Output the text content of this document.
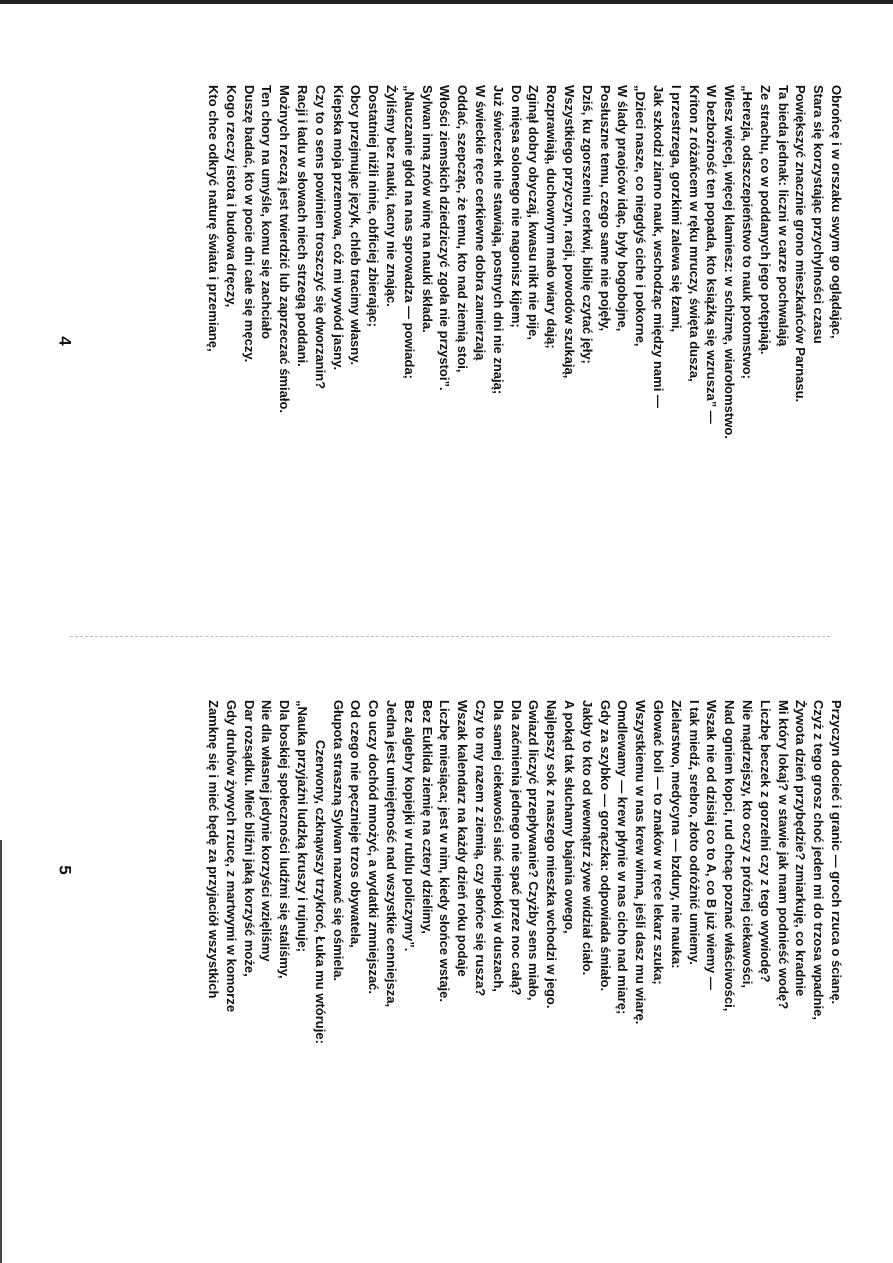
Obrońcę i w orszaku swym go oglądając,
Stara się korzystając przychylności czasu
Powiększyć znacznie grono mieszkańców Parnasu.
Ta bieda jednak: liczni w carze pochwalają
Ze strachu, co w poddanych jego potępiają.
„Herezja, odszczepieństwo to nauk potomstwo;
Wiesz więcej, więcej klamiesz: w schizmę, wiarołomstwo.
W bezbożność ten popada, kto książką się wzrusza” —
Kriton z różańcem w ręku mruczy, święta dusza,
I przestrzega, gorzkimi zalewa się łzami,
Jak szkodzi ziarno nauk, wschodząc między nami —
„Dzieci nasze, co niegdyś ciche i pokorne,
W ślady praojców idąc, były bogobojne,
Posłuszne temu, czego same nie pojęły,
Dziś, ku zgorszeniu cerkwi, biblię czytać jęły;
Wszystkiego przyczyn, racji, powodów szukają,
Rozprawiają, duchownym mało wiary dają;
Zginął dobry obyczaj, kwasu nikt nie pije,
Do mięsa solonego nie nagonisz kijem;
Już świeczek nie stawiają, postnych dni nie znają;
W świeckie ręce cerkiewne dobra zamierzają
Oddać, szepcząc, że temu, kto nad ziemią stoi,
Włości ziemskich dziedziczyć zgoła nie przystoi”.
Sylwan inną znów winę na nauki składa.
„Nauczanie głód na nas sprowadza — powiada;
Żyliśmy bez nauki, tacny nie znając.
Dostatniej niźli ninie, obficiej zbierając;
Obcy przejmując język, chleb tracimy własny.
Kiepska moja przemowa, cóż mi wywód jasny.
Czy to o sens powinien troszczyć się dworzanin?
Racji i ładu w słowach niech strzegą poddani.
Możnych rzeczą jest twierdzić lub zaprzeczać śmiało.
Ten chory na umyśle, komu się zachciało
Duszę badać, kto w pocie dni całe się męczy.
Kogo rzeczy istota i budowa dręczy,
Kto chce odkryć naturę świata i przemianę,
Przyczyn docieć i granic — groch rzuca o ścianę.
Czyż z tego grosz choć jeden mi do trzosa wpadnie,
Żywota dzień przybędzie? zmiarkuję, co kradnie
Mi który lokaj? w stawie jak mam podnieść wodę?
Liczbę beczek z gorzelni czy z tego wywiodę?
Nie mądrzejszy, kto oczy z próżnej ciekawości,
Nad ogniem kopci, rud chcąc poznać właściwości,
Wszak nie od dzisiaj co to A, co B już wiemy —
I tak miedź, srebro, złoto odróżnić umiemy.
Zielarstwo, medycyna — bzdury, nie nauka:
Głować boli — to znaków w ręce lekarz szuka;
Wszystkiemu w nas krew winna, jeśli dasz mu wiarę.
Omdlewamy — krew płynie w nas cicho nad miarę;
Gdy za szybko — gorączka: odpowiada śmiało.
Jakby to kto od wewnątrz żywe widział ciało.
A pokąd tak słuchamy bajania owego,
Najlepszy sok z naszego mieszka wchodzi w jego.
Gwiazd liczyć przepływanie? Czyżby sens miało,
Dla zaćmienia jednego nie spać przez noc całą?
Dla samej ciekawości siać niepokój w duszach,
Czy to my razem z ziemią, czy słońce się rusza?
Wszak kalendarz na każdy dzień roku podaje
Liczbę miesiąca; jest w nim, kiedy słońce wstaje.
Bez Euklida ziemię na cztery dzielimy,
Bez algebry kopiejki w rublu policzymy”.
Jedna jest umiejętność nad wszystkie cenniejsza,
Co uczy dochód mnożyć, a wydatki zmniejszać.
Od czego nie pęcznieje trzos obywatela,
Głupota straszną Sylwan nazwać się ośmiela.
Czerwony, czknąwszy trzykroć, Łuka mu wtóruje:
„Nauka przyjaźni ludzką kruszy i rujnuje;
Dla boskiej społeczności ludźmi się staliśmy,
Nie dla własnej jedynie korzyści wzięliśmy
Dar rozsądku. Mieć bliźni jaką korzyść może,
Gdy druhów żywych rzucę, z martwymi w komorze
Zamknę się i mieć będę za przyjaciół wszystkich
4
5
